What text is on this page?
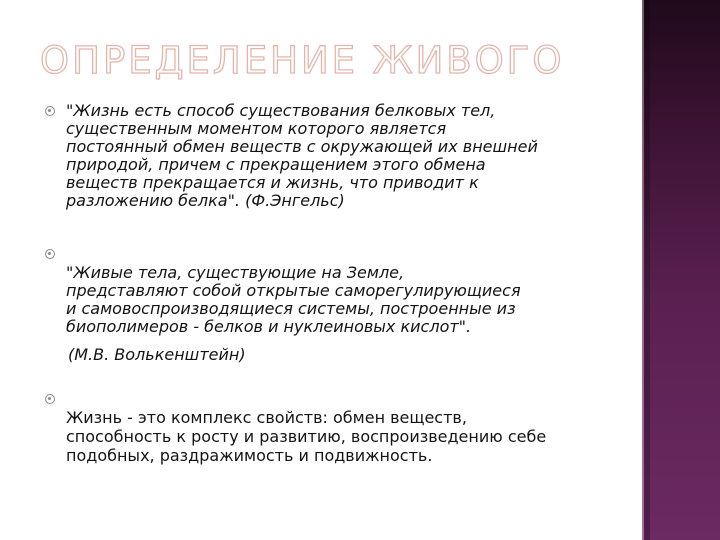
ОПРЕДЕЛЕНИЕ ЖИВОГО
"Жизнь есть способ существования белковых тел,
существенным моментом которого является
постоянный обмен веществ с окружающей их внешней
природой, причем с прекращением этого обмена
веществ прекращается и жизнь, что приводит к
разложению белка". (Ф.Энгельс)
"Живые тела, существующие на Земле,
представляют собой открытые саморегулирующиеся
и самовоспроизводящиеся системы, построенные из
биополимеров - белков и нуклеиновых кислот".
(М.В. Волькенштейн)
Жизнь - это комплекс свойств: обмен веществ,
способность к росту и развитию, воспроизведению себе
подобных, раздражимость и подвижность.
